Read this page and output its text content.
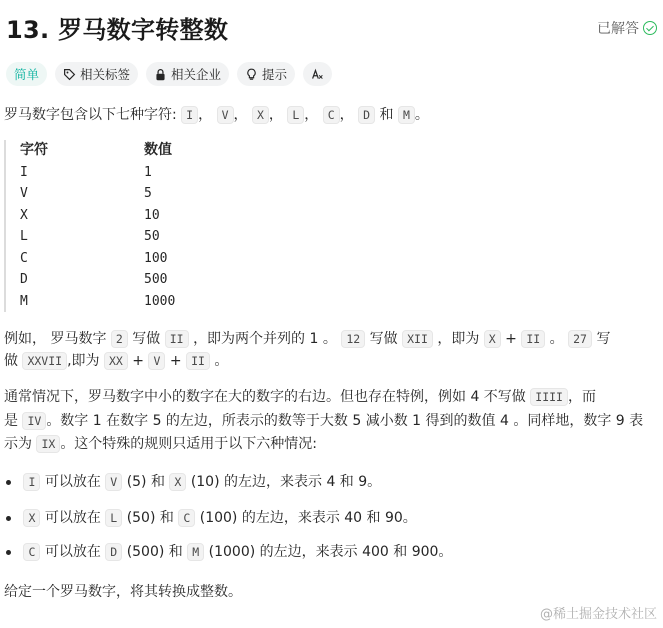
13. 罗马数字转整数	已解答
简单	相关标签	相关企业	提示
罗马数字包含以下七种字符: I ， V ， X ， L ， C ， D 和 M 。
字符	数值
I	1
V	5
X	10
L	50
C	100
D	500
M	1000
例如， 罗马数字 2 写做 II ，即为两个并列的 1 。 12 写做 XII ，即为 X + II 。 27 写
做 XXVII ,即为 XX + V + II 。
通常情况下，罗马数字中小的数字在大的数字的右边。但也存在特例，例如 4 不写做 IIII ，而
是 IV 。数字 1 在数字 5 的左边，所表示的数等于大数 5 减小数 1 得到的数值 4 。同样地，数字 9 表
示为 IX 。这个特殊的规则只适用于以下六种情况:
I 可以放在 V (5) 和 X (10) 的左边，来表示 4 和 9。
X 可以放在 L (50) 和 C (100) 的左边，来表示 40 和 90。
C 可以放在 D (500) 和 M (1000) 的左边，来表示 400 和 900。
给定一个罗马数字，将其转换成整数。
@稀土掘金技术社区
